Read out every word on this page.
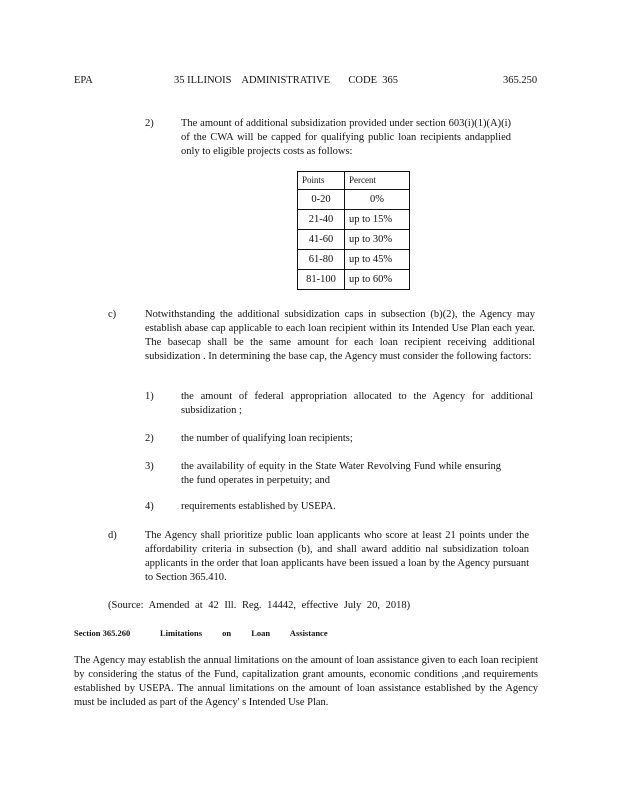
EPA	35 ILLINOIS    ADMINISTRATIVE       CODE  365	365.250
2)	The amount of additional subsidization provided under section 603(i)(1)(A)(i) of the CWA will be capped for qualifying public loan recipients andapplied only to eligible projects costs as follows:

Points	Percent
0-20	0%
21-40	up to 15%
41-60	up to 30%
61-80	up to 45%
81-100	up to 60%
c)	Notwithstanding the additional subsidization caps in subsection (b)(2), the Agency may establish abase cap applicable to each loan recipient within its Intended Use Plan each year. The basecap shall be the same amount for each loan recipient receiving additional subsidization . In determining the base cap, the Agency must consider the following factors:

1)	the amount of federal appropriation allocated to the Agency for additional subsidization ;

2)	the number of qualifying loan recipients;

3)	the availability of equity in the State Water Revolving Fund while ensuring the fund operates in perpetuity; and

4)	requirements established by USEPA.

d)	The Agency shall prioritize public loan applicants who score at least 21 points under the affordability criteria in subsection (b), and shall award additio nal subsidization toloan applicants in the order that loan applicants have been issued a loan by the Agency pursuant to Section 365.410.

(Source: Amended at 42 Ill. Reg. 14442, effective July 20, 2018)
Section 365.260	Limitations on Loan Assistance

The Agency may establish the annual limitations on the amount of loan assistance given to each loan recipient by considering the status of the Fund, capitalization grant amounts, economic conditions ,and requirements established by USEPA. The annual limitations on the amount of loan assistance established by the Agency must be included as part of the Agency' s Intended Use Plan.
